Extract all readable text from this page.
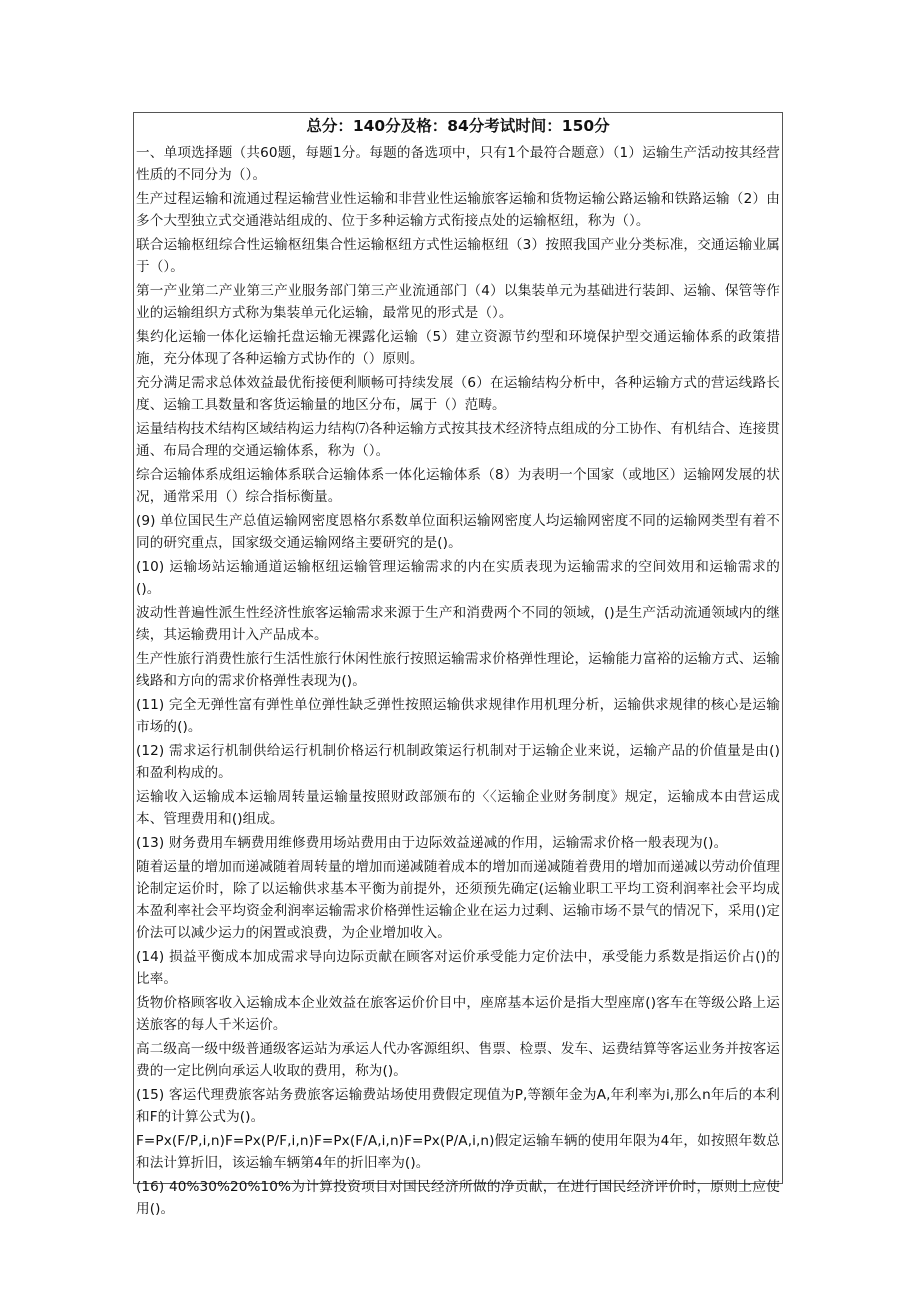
总分：140分及格：84分考试时间：150分

一、单项选择题（共60题，每题1分。每题的备选项中，只有1个最符合题意）（1）运输生产活动按其经营性质的不同分为（）。

生产过程运输和流通过程运输营业性运输和非营业性运输旅客运输和货物运输公路运输和铁路运输（2）由多个大型独立式交通港站组成的、位于多种运输方式衔接点处的运输枢纽，称为（）。

联合运输枢纽综合性运输枢纽集合性运输枢纽方式性运输枢纽（3）按照我国产业分类标准，交通运输业属于（）。

第一产业第二产业第三产业服务部门第三产业流通部门（4）以集装单元为基础进行装卸、运输、保管等作业的运输组织方式称为集装单元化运输，最常见的形式是（）。

集约化运输一体化运输托盘运输无裸露化运输（5）建立资源节约型和环境保护型交通运输体系的政策措施，充分体现了各种运输方式协作的（）原则。

充分满足需求总体效益最优衔接便利顺畅可持续发展（6）在运输结构分析中，各种运输方式的营运线路长度、运输工具数量和客货运输量的地区分布，属于（）范畴。

运量结构技术结构区域结构运力结构⑺各种运输方式按其技术经济特点组成的分工协作、有机结合、连接贯通、布局合理的交通运输体系，称为（）。

综合运输体系成组运输体系联合运输体系一体化运输体系（8）为表明一个国家（或地区）运输网发展的状况，通常采用（）综合指标衡量。

(9) 单位国民生产总值运输网密度恩格尔系数单位面积运输网密度人均运输网密度不同的运输网类型有着不同的研究重点，国家级交通运输网络主要研究的是()。

(10) 运输场站运输通道运输枢纽运输管理运输需求的内在实质表现为运输需求的空间效用和运输需求的()。

波动性普遍性派生性经济性旅客运输需求来源于生产和消费两个不同的领域，()是生产活动流通领域内的继续，其运输费用计入产品成本。

生产性旅行消费性旅行生活性旅行休闲性旅行按照运输需求价格弹性理论，运输能力富裕的运输方式、运输线路和方向的需求价格弹性表现为()。

(11) 完全无弹性富有弹性单位弹性缺乏弹性按照运输供求规律作用机理分析，运输供求规律的核心是运输市场的()。

(12) 需求运行机制供给运行机制价格运行机制政策运行机制对于运输企业来说，运输产品的价值量是由()和盈利构成的。

运输收入运输成本运输周转量运输量按照财政部颁布的〈〈运输企业财务制度》规定，运输成本由营运成本、管理费用和()组成。

(13) 财务费用车辆费用维修费用场站费用由于边际效益递减的作用，运输需求价格一般表现为()。

随着运量的增加而递减随着周转量的增加而递减随着成本的增加而递减随着费用的增加而递减以劳动价值理论制定运价时，除了以运输供求基本平衡为前提外，还须预先确定(运输业职工平均工资利润率社会平均成本盈利率社会平均资金利润率运输需求价格弹性运输企业在运力过剩、运输市场不景气的情况下，采用()定价法可以减少运力的闲置或浪费，为企业增加收入。

(14) 损益平衡成本加成需求导向边际贡献在顾客对运价承受能力定价法中，承受能力系数是指运价占()的比率。

货物价格顾客收入运输成本企业效益在旅客运价价目中，座席基本运价是指大型座席()客车在等级公路上运送旅客的每人千米运价。

高二级高一级中级普通级客运站为承运人代办客源组织、售票、检票、发车、运费结算等客运业务并按客运费的一定比例向承运人收取的费用，称为()。

(15) 客运代理费旅客站务费旅客运输费站场使用费假定现值为P,等额年金为A,年利率为i,那么n年后的本利和F的计算公式为()。

F=Px(F/P,i,n)F=Px(P/F,i,n)F=Px(F/A,i,n)F=Px(P/A,i,n)假定运输车辆的使用年限为4年，如按照年数总和法计算折旧，该运输车辆第4年的折旧率为()。

(16) 40%30%20%10%为计算投资项目对国民经济所做的净贡献，在进行国民经济评价时，原则上应使用()。
